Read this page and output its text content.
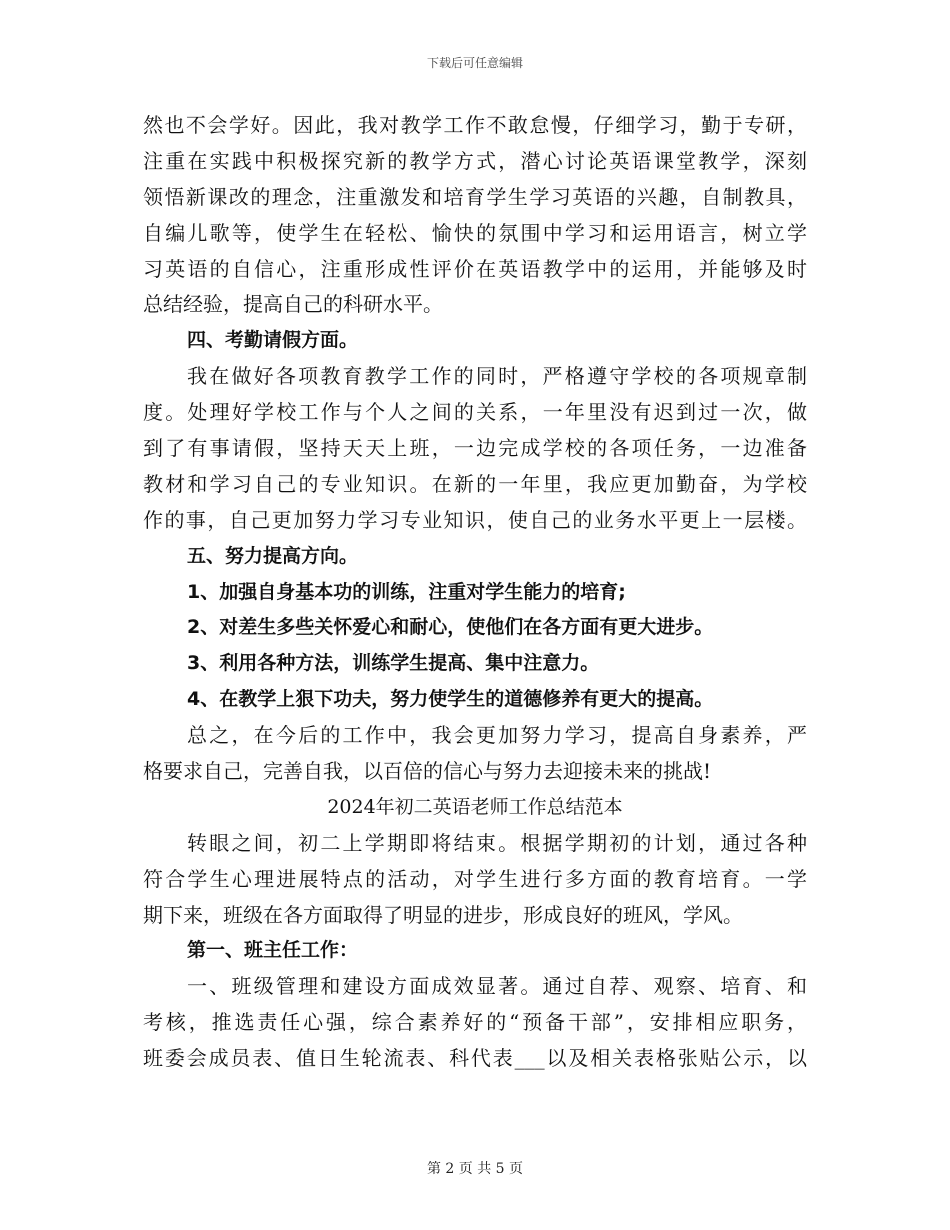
下载后可任意编辑
然也不会学好。因此，我对教学工作不敢怠慢，仔细学习，勤于专研，
注重在实践中积极探究新的教学方式，潜心讨论英语课堂教学，深刻
领悟新课改的理念，注重激发和培育学生学习英语的兴趣，自制教具，
自编儿歌等，使学生在轻松、愉快的氛围中学习和运用语言，树立学
习英语的自信心，注重形成性评价在英语教学中的运用，并能够及时
总结经验，提高自己的科研水平。
四、考勤请假方面。
我在做好各项教育教学工作的同时，严格遵守学校的各项规章制
度。处理好学校工作与个人之间的关系，一年里没有迟到过一次，做
到了有事请假，坚持天天上班，一边完成学校的各项任务，一边准备
教材和学习自己的专业知识。在新的一年里，我应更加勤奋，为学校
作的事，自己更加努力学习专业知识，使自己的业务水平更上一层楼。
五、努力提高方向。
1、加强自身基本功的训练，注重对学生能力的培育;
2、对差生多些关怀爱心和耐心，使他们在各方面有更大进步。
3、利用各种方法，训练学生提高、集中注意力。
4、在教学上狠下功夫，努力使学生的道德修养有更大的提高。
总之，在今后的工作中，我会更加努力学习，提高自身素养，严
格要求自己，完善自我，以百倍的信心与努力去迎接未来的挑战!
2024年初二英语老师工作总结范本
转眼之间，初二上学期即将结束。根据学期初的计划，通过各种
符合学生心理进展特点的活动，对学生进行多方面的教育培育。一学
期下来，班级在各方面取得了明显的进步，形成良好的班风，学风。
第一、班主任工作：
一、班级管理和建设方面成效显著。通过自荐、观察、培育、和
考核，推选责任心强，综合素养好的“预备干部”，安排相应职务，
班委会成员表、值日生轮流表、科代表___以及相关表格张贴公示，以
第 2 页 共 5 页
